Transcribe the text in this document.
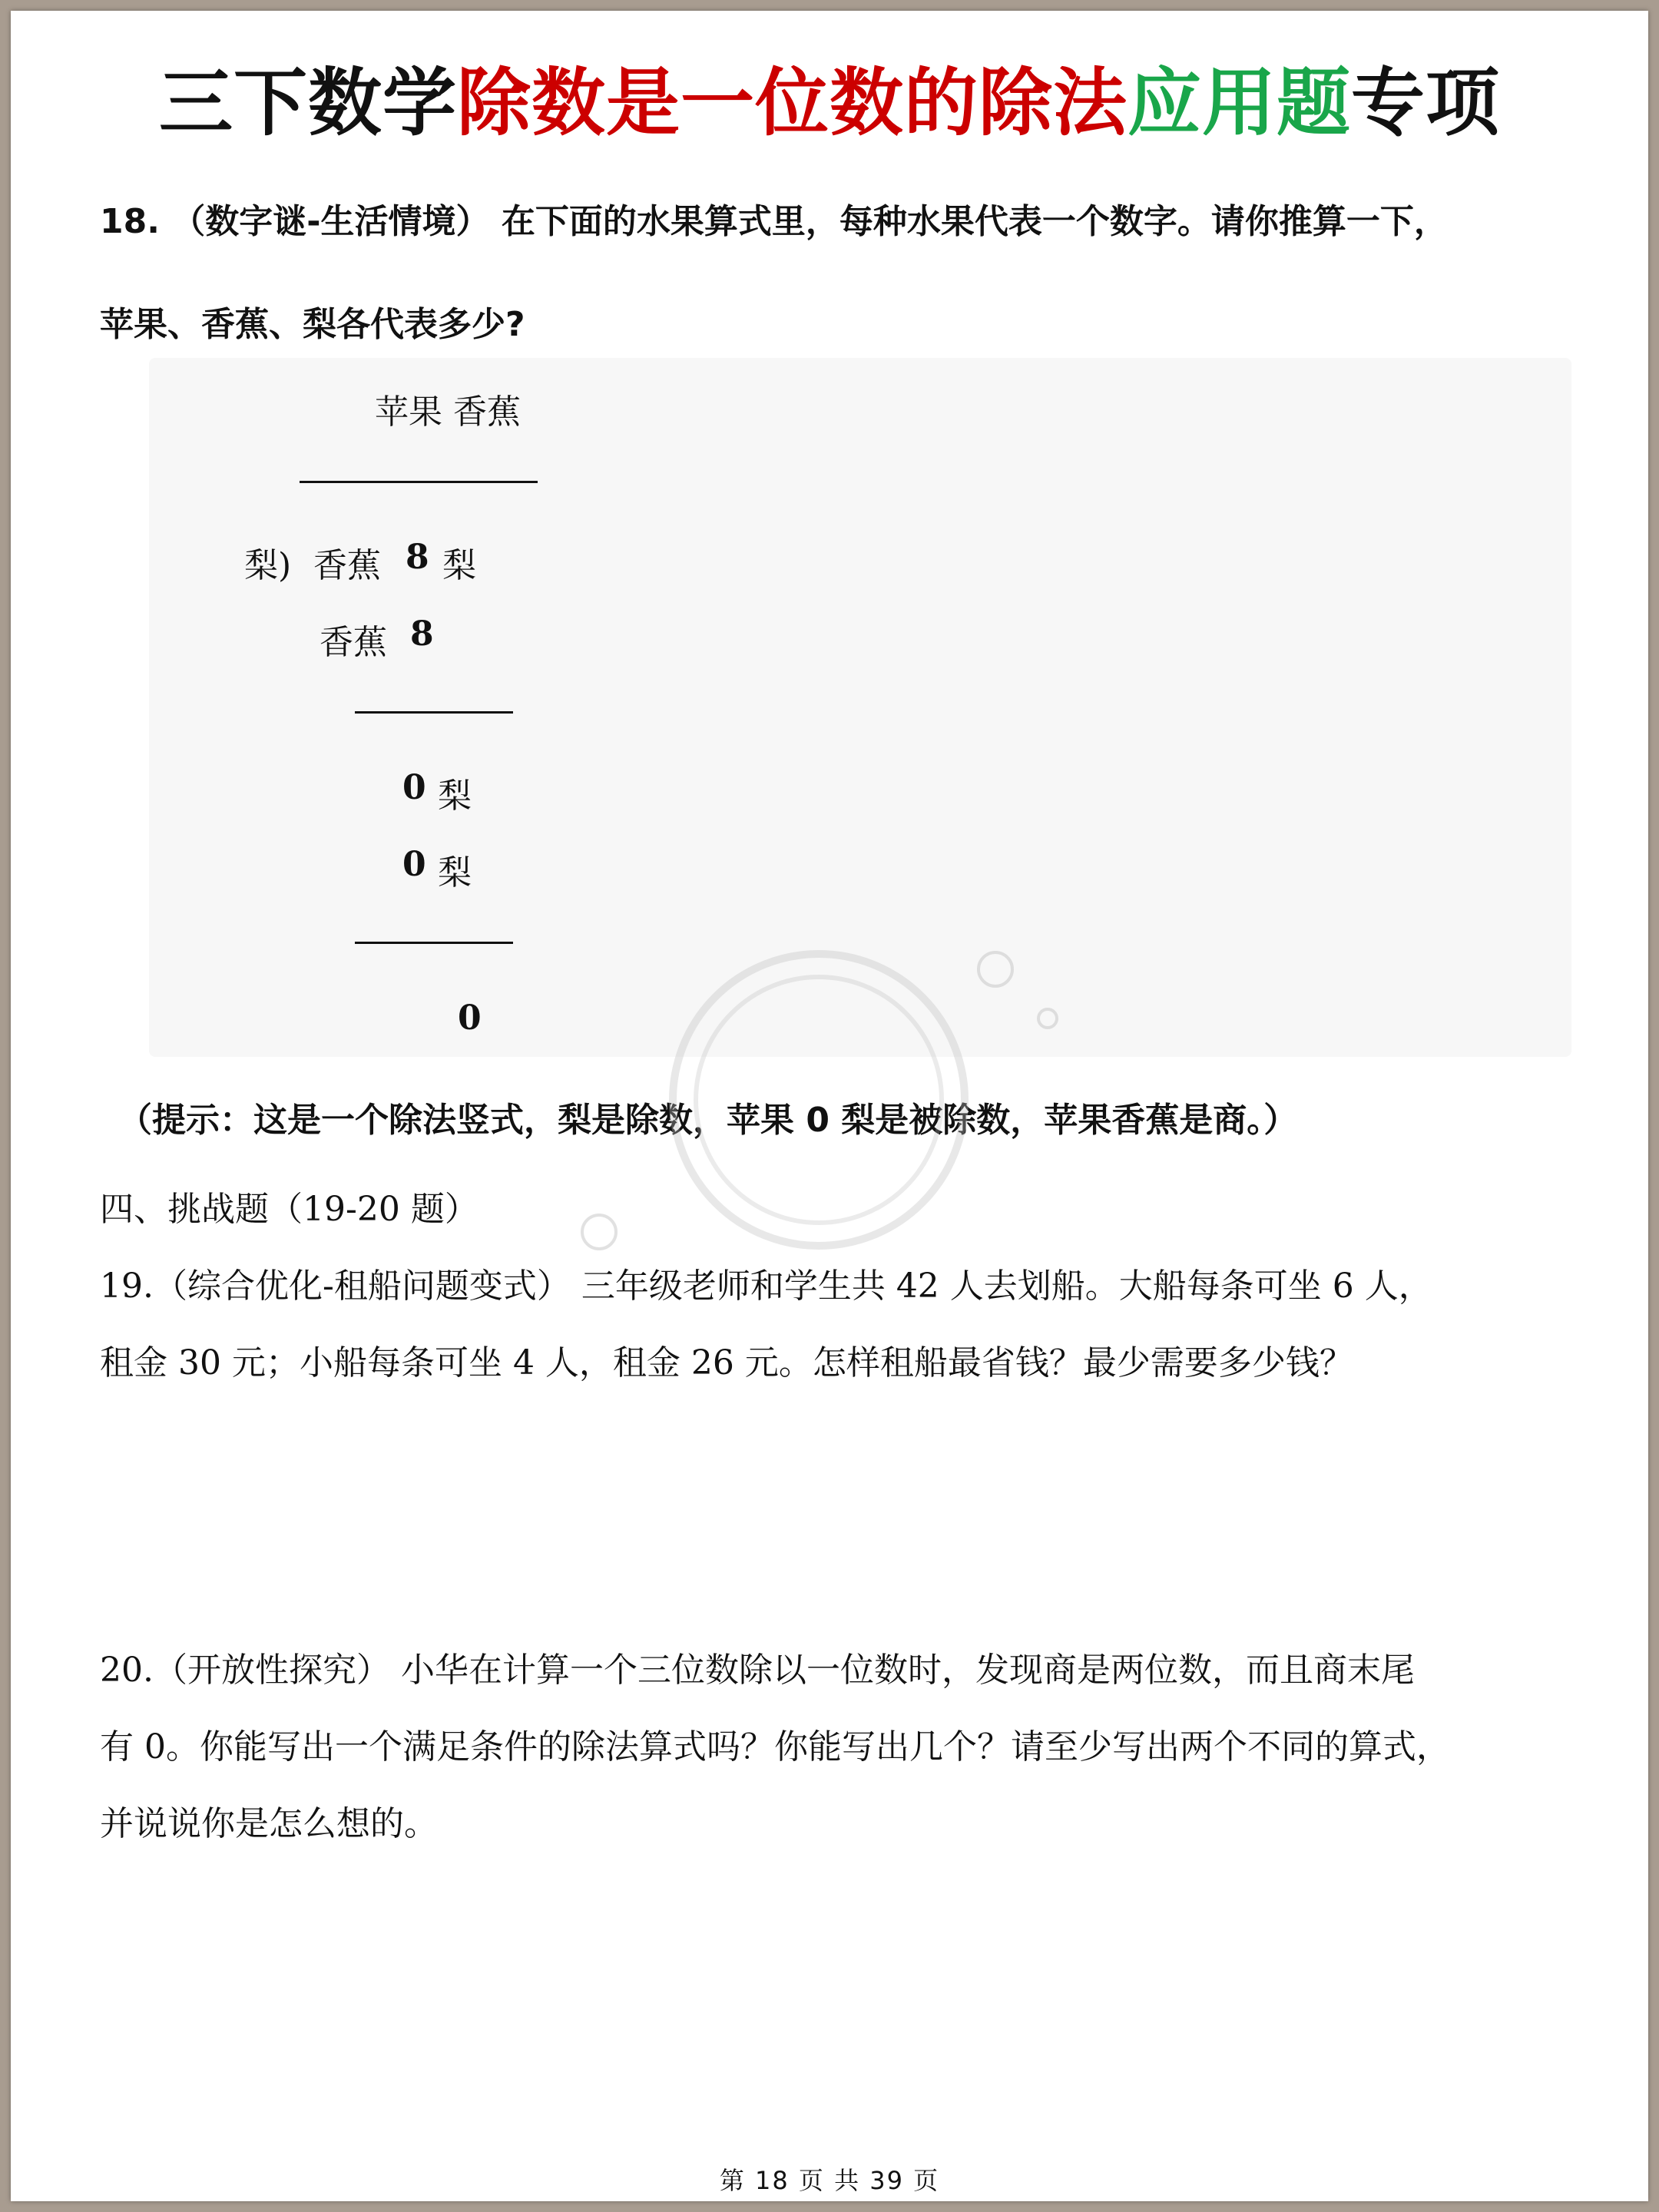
三下数学除数是一位数的除法应用题专项
18. （数字谜-生活情境） 在下面的水果算式里，每种水果代表一个数字。请你推算一下，
苹果、香蕉、梨各代表多少?
苹果 香蕉
梨) 香蕉 8 梨
香蕉 8
0 梨
0 梨
0
（提示：这是一个除法竖式，梨是除数，苹果 0 梨是被除数，苹果香蕉是商。）
四、挑战题（19-20 题）
19.（综合优化-租船问题变式） 三年级老师和学生共 42 人去划船。大船每条可坐 6 人，
租金 30 元；小船每条可坐 4 人，租金 26 元。怎样租船最省钱？最少需要多少钱？
20.（开放性探究） 小华在计算一个三位数除以一位数时，发现商是两位数，而且商末尾
有 0。你能写出一个满足条件的除法算式吗？你能写出几个？请至少写出两个不同的算式，
并说说你是怎么想的。
第 18 页 共 39 页
